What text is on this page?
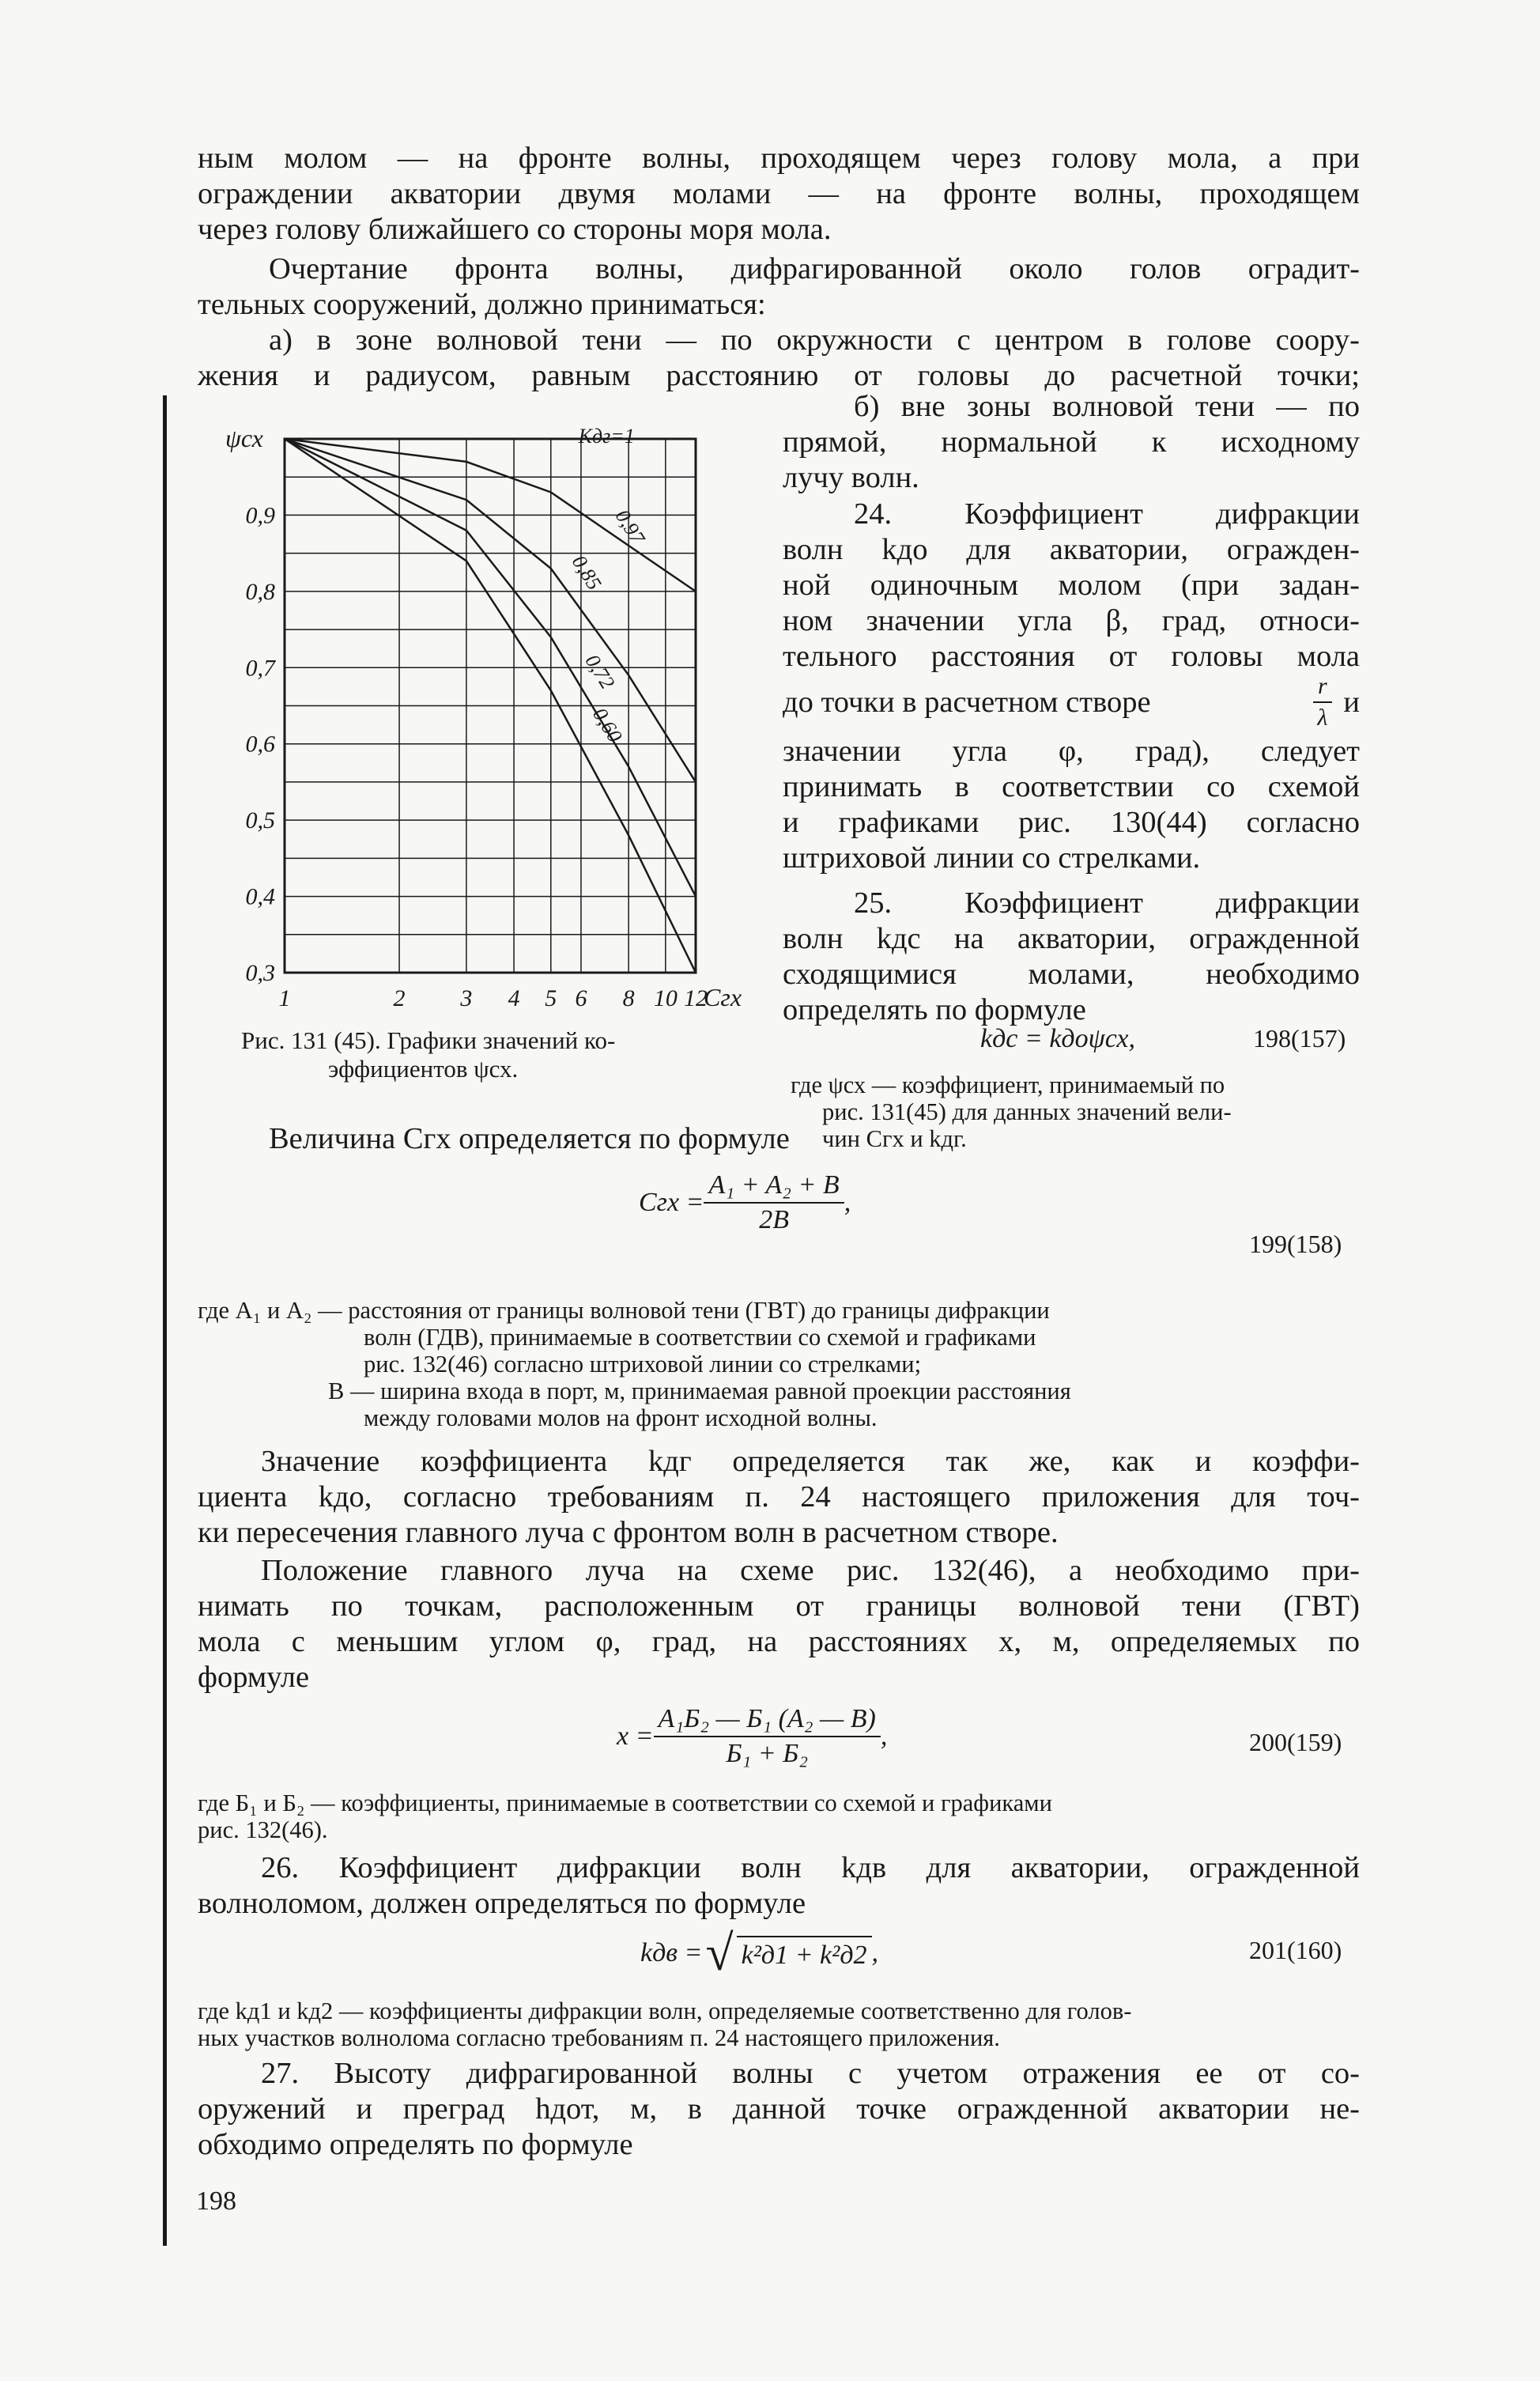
ным молом — на фронте волны, проходящем через голову мола, а при
ограждении акватории двумя молами — на фронте волны, проходящем
через голову ближайшего со стороны моря мола.
Очертание фронта волны, дифрагированной около голов оградит-
тельных сооружений, должно приниматься:
а) в зоне волновой тени — по окружности с центром в голове соору-
жения и радиусом, равным расстоянию от головы до расчетной точки;
0,9
0,8
0,7
0,6
0,5
0,4
0,3
1	2 3 4 5 6 8 10 12
ψсх
Cгх
Kдг=1
0,97
0,85
0,72
0,60
Рис. 131 (45). Графики значений ко-
эффициентов ψсх.
б) вне зоны волновой тени — по
прямой, нормальной к исходному
лучу волн.
24. Коэффициент дифракции
волн kдо для акватории, огражден-
ной одиночным молом (при задан-
ном значении угла β, град, относи-
тельного расстояния от головы мола
до точки в расчетном створе	$\frac{r}{\lambda}$ и
значении угла φ, град), следует
принимать в соответствии со схемой
и графиками рис. 130(44) согласно
штриховой линии со стрелками.
25. Коэффициент дифракции
волн kдс на акватории, огражденной
сходящимися молами, необходимо
определять по формуле
kдс = kдоψсх,	198(157)
где ψсх — коэффициент, принимаемый по
рис. 131(45) для данных значений вели-
чин Cгх и kдг.
Величина Cгх определяется по формуле
Cгх = $\frac{\text{A₁ + A₂ + B}}{2B}$ ,
199(158)
где A₁ и A₂ — расстояния от границы волновой тени (ГВТ) до границы дифракции
волн (ГДВ), принимаемые в соответствии со схемой и графиками
рис. 132(46) согласно штриховой линии со стрелками;
B — ширина входа в порт, м, принимаемая равной проекции расстояния
между головами молов на фронт исходной волны.
Значение коэффициента kдг определяется так же, как и коэффи-
циента kдо, согласно требованиям п. 24 настоящего приложения для точ-
ки пересечения главного луча с фронтом волн в расчетном створе.
Положение главного луча на схеме рис. 132(46), а необходимо при-
нимать по точкам, расположенным от границы волновой тени (ГВТ)
мола с меньшим углом φ, град, на расстояниях x, м, определяемых по
формуле
$x = \frac{\text{A₁Б₂ — Б₁ (A₂ — B)}}{\text{Б₁ + Б₂}}$ ,	200(159)
где Б₁ и Б₂ — коэффициенты, принимаемые в соответствии со схемой и графиками
рис. 132(46).
26. Коэффициент дифракции волн kдв для акватории, огражденной
волноломом, должен определяться по формуле
kдв = √ k²д1 + k²д2 ,	201(160)
где kд1 и kд2 — коэффициенты дифракции волн, определяемые соответственно для голов-
ных участков волнолома согласно требованиям п. 24 настоящего приложения.
27. Высоту дифрагированной волны с учетом отражения ее от со-
оружений и преград hдот, м, в данной точке огражденной акватории не-
обходимо определять по формуле
198
